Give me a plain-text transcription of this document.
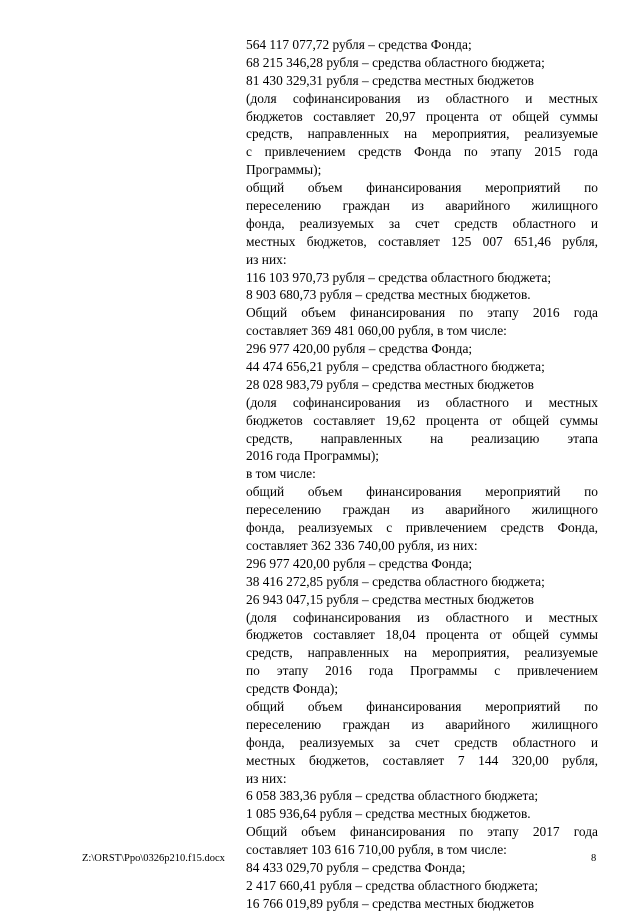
564 117 077,72 рубля – средства Фонда;
68 215 346,28 рубля – средства областного бюджета;
81 430 329,31 рубля – средства местных бюджетов
(доля софинансирования из областного и местных
бюджетов составляет 20,97 процента от общей суммы
средств, направленных на мероприятия, реализуемые
с привлечением средств Фонда по этапу 2015 года
Программы);
общий объем финансирования мероприятий по
переселению граждан из аварийного жилищного
фонда, реализуемых за счет средств областного и
местных бюджетов, составляет 125 007 651,46 рубля,
из них:
116 103 970,73 рубля – средства областного бюджета;
8 903 680,73 рубля – средства местных бюджетов.
Общий объем финансирования по этапу 2016 года
составляет 369 481 060,00 рубля, в том числе:
296 977 420,00 рубля – средства Фонда;
44 474 656,21 рубля – средства областного бюджета;
28 028 983,79 рубля – средства местных бюджетов
(доля софинансирования из областного и местных
бюджетов составляет 19,62 процента от общей суммы
средств, направленных на реализацию этапа
2016 года Программы);
в том числе:
общий объем финансирования мероприятий по
переселению граждан из аварийного жилищного
фонда, реализуемых с привлечением средств Фонда,
составляет 362 336 740,00 рубля, из них:
296 977 420,00 рубля – средства Фонда;
38 416 272,85 рубля – средства областного бюджета;
26 943 047,15 рубля – средства местных бюджетов
(доля софинансирования из областного и местных
бюджетов составляет 18,04 процента от общей суммы
средств, направленных на мероприятия, реализуемые
по этапу 2016 года Программы с привлечением
средств Фонда);
общий объем финансирования мероприятий по
переселению граждан из аварийного жилищного
фонда, реализуемых за счет средств областного и
местных бюджетов, составляет 7 144 320,00 рубля,
из них:
6 058 383,36 рубля – средства областного бюджета;
1 085 936,64 рубля – средства местных бюджетов.
Общий объем финансирования по этапу 2017 года
составляет 103 616 710,00 рубля, в том числе:
84 433 029,70 рубля – средства Фонда;
2 417 660,41 рубля – средства областного бюджета;
16 766 019,89 рубля – средства местных бюджетов
Z:\ORST\Ppo\0326p210.f15.docx	8
